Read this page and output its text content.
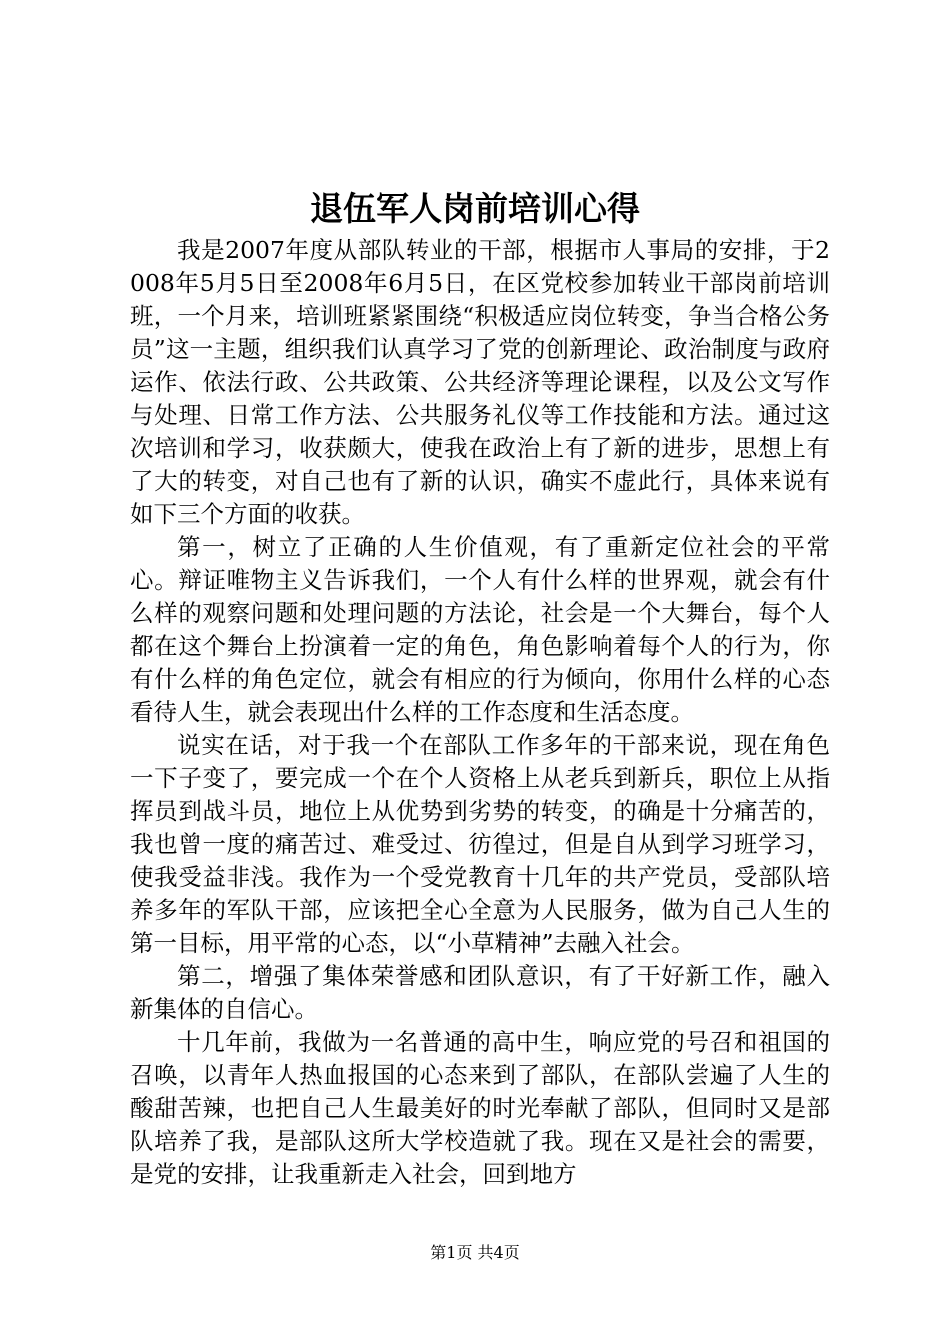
退伍军人岗前培训心得

我是2007年度从部队转业的干部，根据市人事局的安排，于2008年5月5日至2008年6月5日，在区党校参加转业干部岗前培训班，一个月来，培训班紧紧围绕“积极适应岗位转变，争当合格公务员”这一主题，组织我们认真学习了党的创新理论、政治制度与政府运作、依法行政、公共政策、公共经济等理论课程，以及公文写作与处理、日常工作方法、公共服务礼仪等工作技能和方法。通过这次培训和学习，收获颇大，使我在政治上有了新的进步，思想上有了大的转变，对自己也有了新的认识，确实不虚此行，具体来说有如下三个方面的收获。

第一，树立了正确的人生价值观，有了重新定位社会的平常心。辩证唯物主义告诉我们，一个人有什么样的世界观，就会有什么样的观察问题和处理问题的方法论，社会是一个大舞台，每个人都在这个舞台上扮演着一定的角色，角色影响着每个人的行为，你有什么样的角色定位，就会有相应的行为倾向，你用什么样的心态看待人生，就会表现出什么样的工作态度和生活态度。

说实在话，对于我一个在部队工作多年的干部来说，现在角色一下子变了，要完成一个在个人资格上从老兵到新兵，职位上从指挥员到战斗员，地位上从优势到劣势的转变，的确是十分痛苦的，我也曾一度的痛苦过、难受过、彷徨过，但是自从到学习班学习，使我受益非浅。我作为一个受党教育十几年的共产党员，受部队培养多年的军队干部，应该把全心全意为人民服务，做为自己人生的第一目标，用平常的心态，以“小草精神”去融入社会。

第二，增强了集体荣誉感和团队意识，有了干好新工作，融入新集体的自信心。

十几年前，我做为一名普通的高中生，响应党的号召和祖国的召唤，以青年人热血报国的心态来到了部队，在部队尝遍了人生的酸甜苦辣，也把自己人生最美好的时光奉献了部队，但同时又是部队培养了我，是部队这所大学校造就了我。现在又是社会的需要，是党的安排，让我重新走入社会，回到地方

第1页 共4页
